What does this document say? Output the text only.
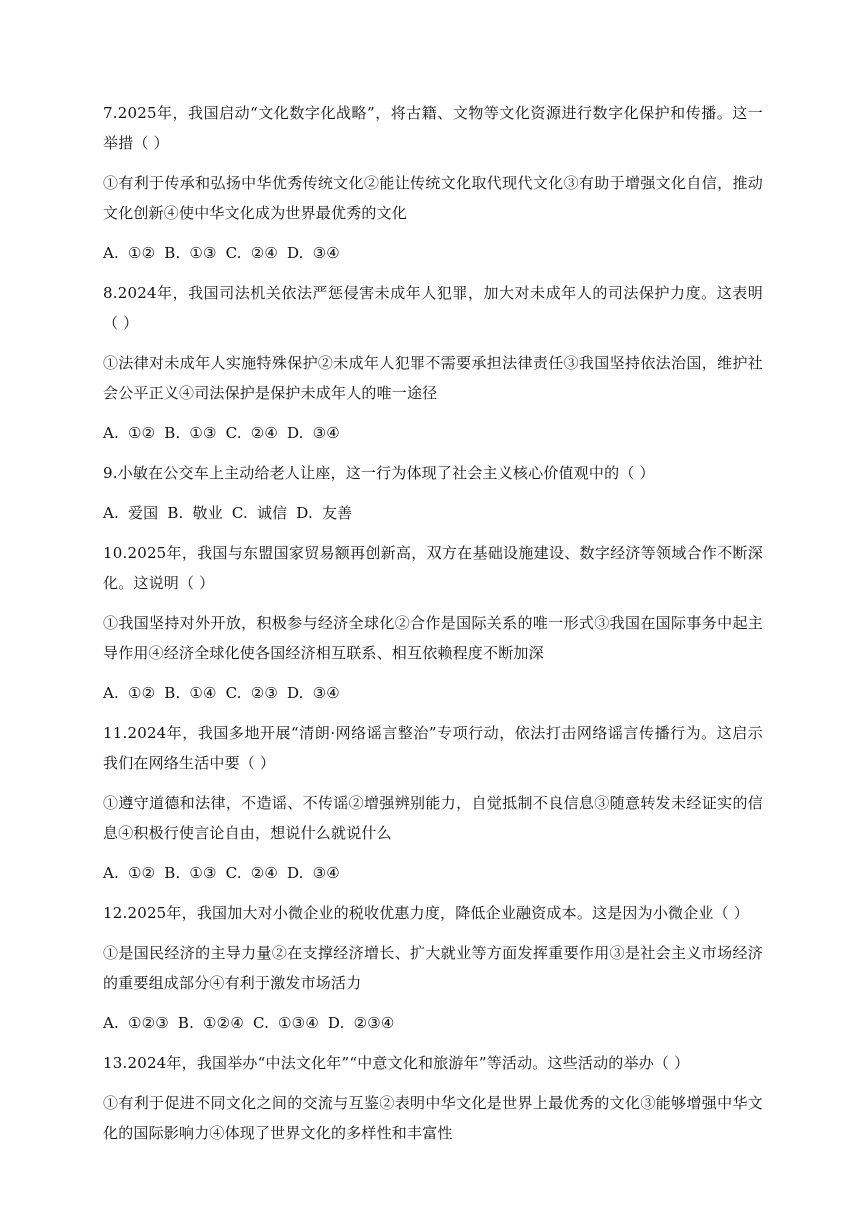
7.2025年，我国启动“文化数字化战略”，将古籍、文物等文化资源进行数字化保护和传播。这一举措（ ）
①有利于传承和弘扬中华优秀传统文化②能让传统文化取代现代文化③有助于增强文化自信，推动文化创新④使中华文化成为世界最优秀的文化
A. ①② B. ①③ C. ②④ D. ③④
8.2024年，我国司法机关依法严惩侵害未成年人犯罪，加大对未成年人的司法保护力度。这表明（ ）
①法律对未成年人实施特殊保护②未成年人犯罪不需要承担法律责任③我国坚持依法治国，维护社会公平正义④司法保护是保护未成年人的唯一途径
A. ①② B. ①③ C. ②④ D. ③④
9.小敏在公交车上主动给老人让座，这一行为体现了社会主义核心价值观中的（ ）
A. 爱国 B. 敬业 C. 诚信 D. 友善
10.2025年，我国与东盟国家贸易额再创新高，双方在基础设施建设、数字经济等领域合作不断深化。这说明（ ）
①我国坚持对外开放，积极参与经济全球化②合作是国际关系的唯一形式③我国在国际事务中起主导作用④经济全球化使各国经济相互联系、相互依赖程度不断加深
A. ①② B. ①④ C. ②③ D. ③④
11.2024年，我国多地开展“清朗·网络谣言整治”专项行动，依法打击网络谣言传播行为。这启示我们在网络生活中要（ ）
①遵守道德和法律，不造谣、不传谣②增强辨别能力，自觉抵制不良信息③随意转发未经证实的信息④积极行使言论自由，想说什么就说什么
A. ①② B. ①③ C. ②④ D. ③④
12.2025年，我国加大对小微企业的税收优惠力度，降低企业融资成本。这是因为小微企业（ ）
①是国民经济的主导力量②在支撑经济增长、扩大就业等方面发挥重要作用③是社会主义市场经济的重要组成部分④有利于激发市场活力
A. ①②③ B. ①②④ C. ①③④ D. ②③④
13.2024年，我国举办“中法文化年”“中意文化和旅游年”等活动。这些活动的举办（ ）
①有利于促进不同文化之间的交流与互鉴②表明中华文化是世界上最优秀的文化③能够增强中华文化的国际影响力④体现了世界文化的多样性和丰富性
